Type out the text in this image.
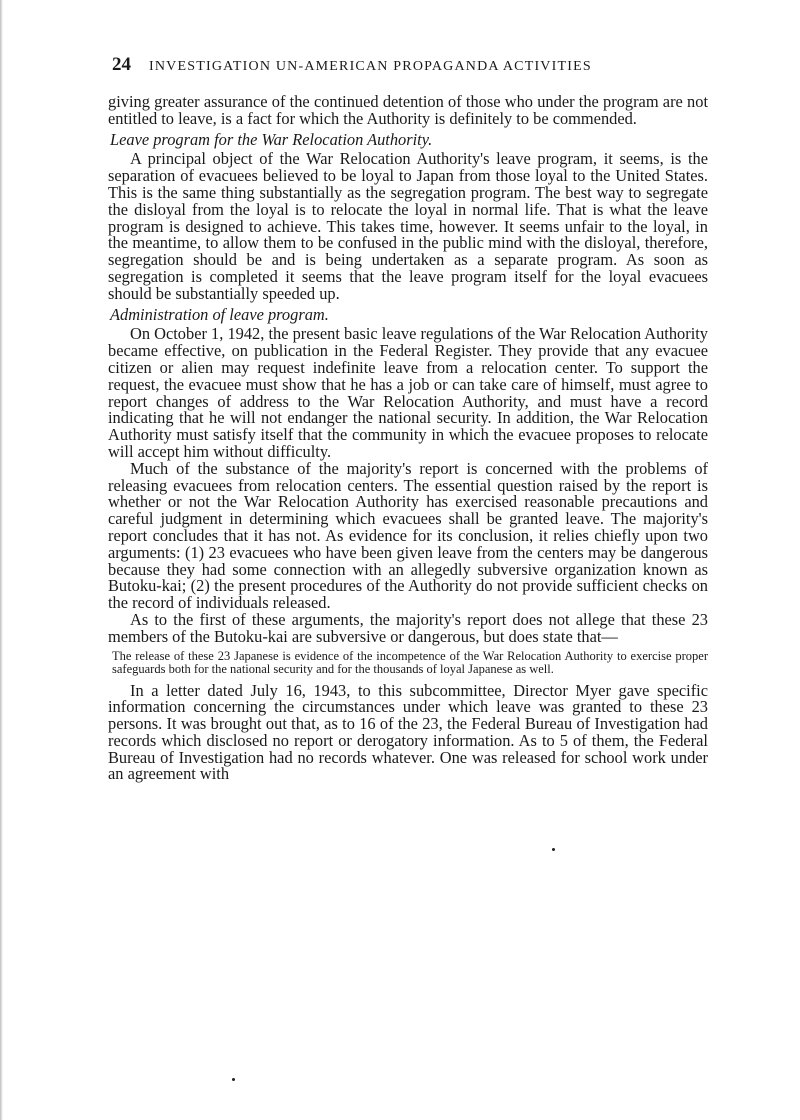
24 INVESTIGATION UN-AMERICAN PROPAGANDA ACTIVITIES

giving greater assurance of the continued detention of those who under the program are not entitled to leave, is a fact for which the Authority is definitely to be commended.

Leave program for the War Relocation Authority.

A principal object of the War Relocation Authority's leave program, it seems, is the separation of evacuees believed to be loyal to Japan from those loyal to the United States. This is the same thing substantially as the segregation program. The best way to segregate the disloyal from the loyal is to relocate the loyal in normal life. That is what the leave program is designed to achieve. This takes time, however. It seems unfair to the loyal, in the meantime, to allow them to be confused in the public mind with the disloyal, therefore, segregation should be and is being undertaken as a separate program. As soon as segregation is completed it seems that the leave program itself for the loyal evacuees should be substantially speeded up.

Administration of leave program.

On October 1, 1942, the present basic leave regulations of the War Relocation Authority became effective, on publication in the Federal Register. They provide that any evacuee citizen or alien may request indefinite leave from a relocation center. To support the request, the evacuee must show that he has a job or can take care of himself, must agree to report changes of address to the War Relocation Authority, and must have a record indicating that he will not endanger the national security. In addition, the War Relocation Authority must satisfy itself that the community in which the evacuee proposes to relocate will accept him without difficulty.

Much of the substance of the majority's report is concerned with the problems of releasing evacuees from relocation centers. The essential question raised by the report is whether or not the War Relocation Authority has exercised reasonable precautions and careful judgment in determining which evacuees shall be granted leave. The majority's report concludes that it has not. As evidence for its conclusion, it relies chiefly upon two arguments: (1) 23 evacuees who have been given leave from the centers may be dangerous because they had some connection with an allegedly subversive organization known as Butoku-kai; (2) the present procedures of the Authority do not provide sufficient checks on the record of individuals released.

As to the first of these arguments, the majority's report does not allege that these 23 members of the Butoku-kai are subversive or dangerous, but does state that—

The release of these 23 Japanese is evidence of the incompetence of the War Relocation Authority to exercise proper safeguards both for the national security and for the thousands of loyal Japanese as well.

In a letter dated July 16, 1943, to this subcommittee, Director Myer gave specific information concerning the circumstances under which leave was granted to these 23 persons. It was brought out that, as to 16 of the 23, the Federal Bureau of Investigation had records which disclosed no report or derogatory information. As to 5 of them, the Federal Bureau of Investigation had no records whatever. One was released for school work under an agreement with
